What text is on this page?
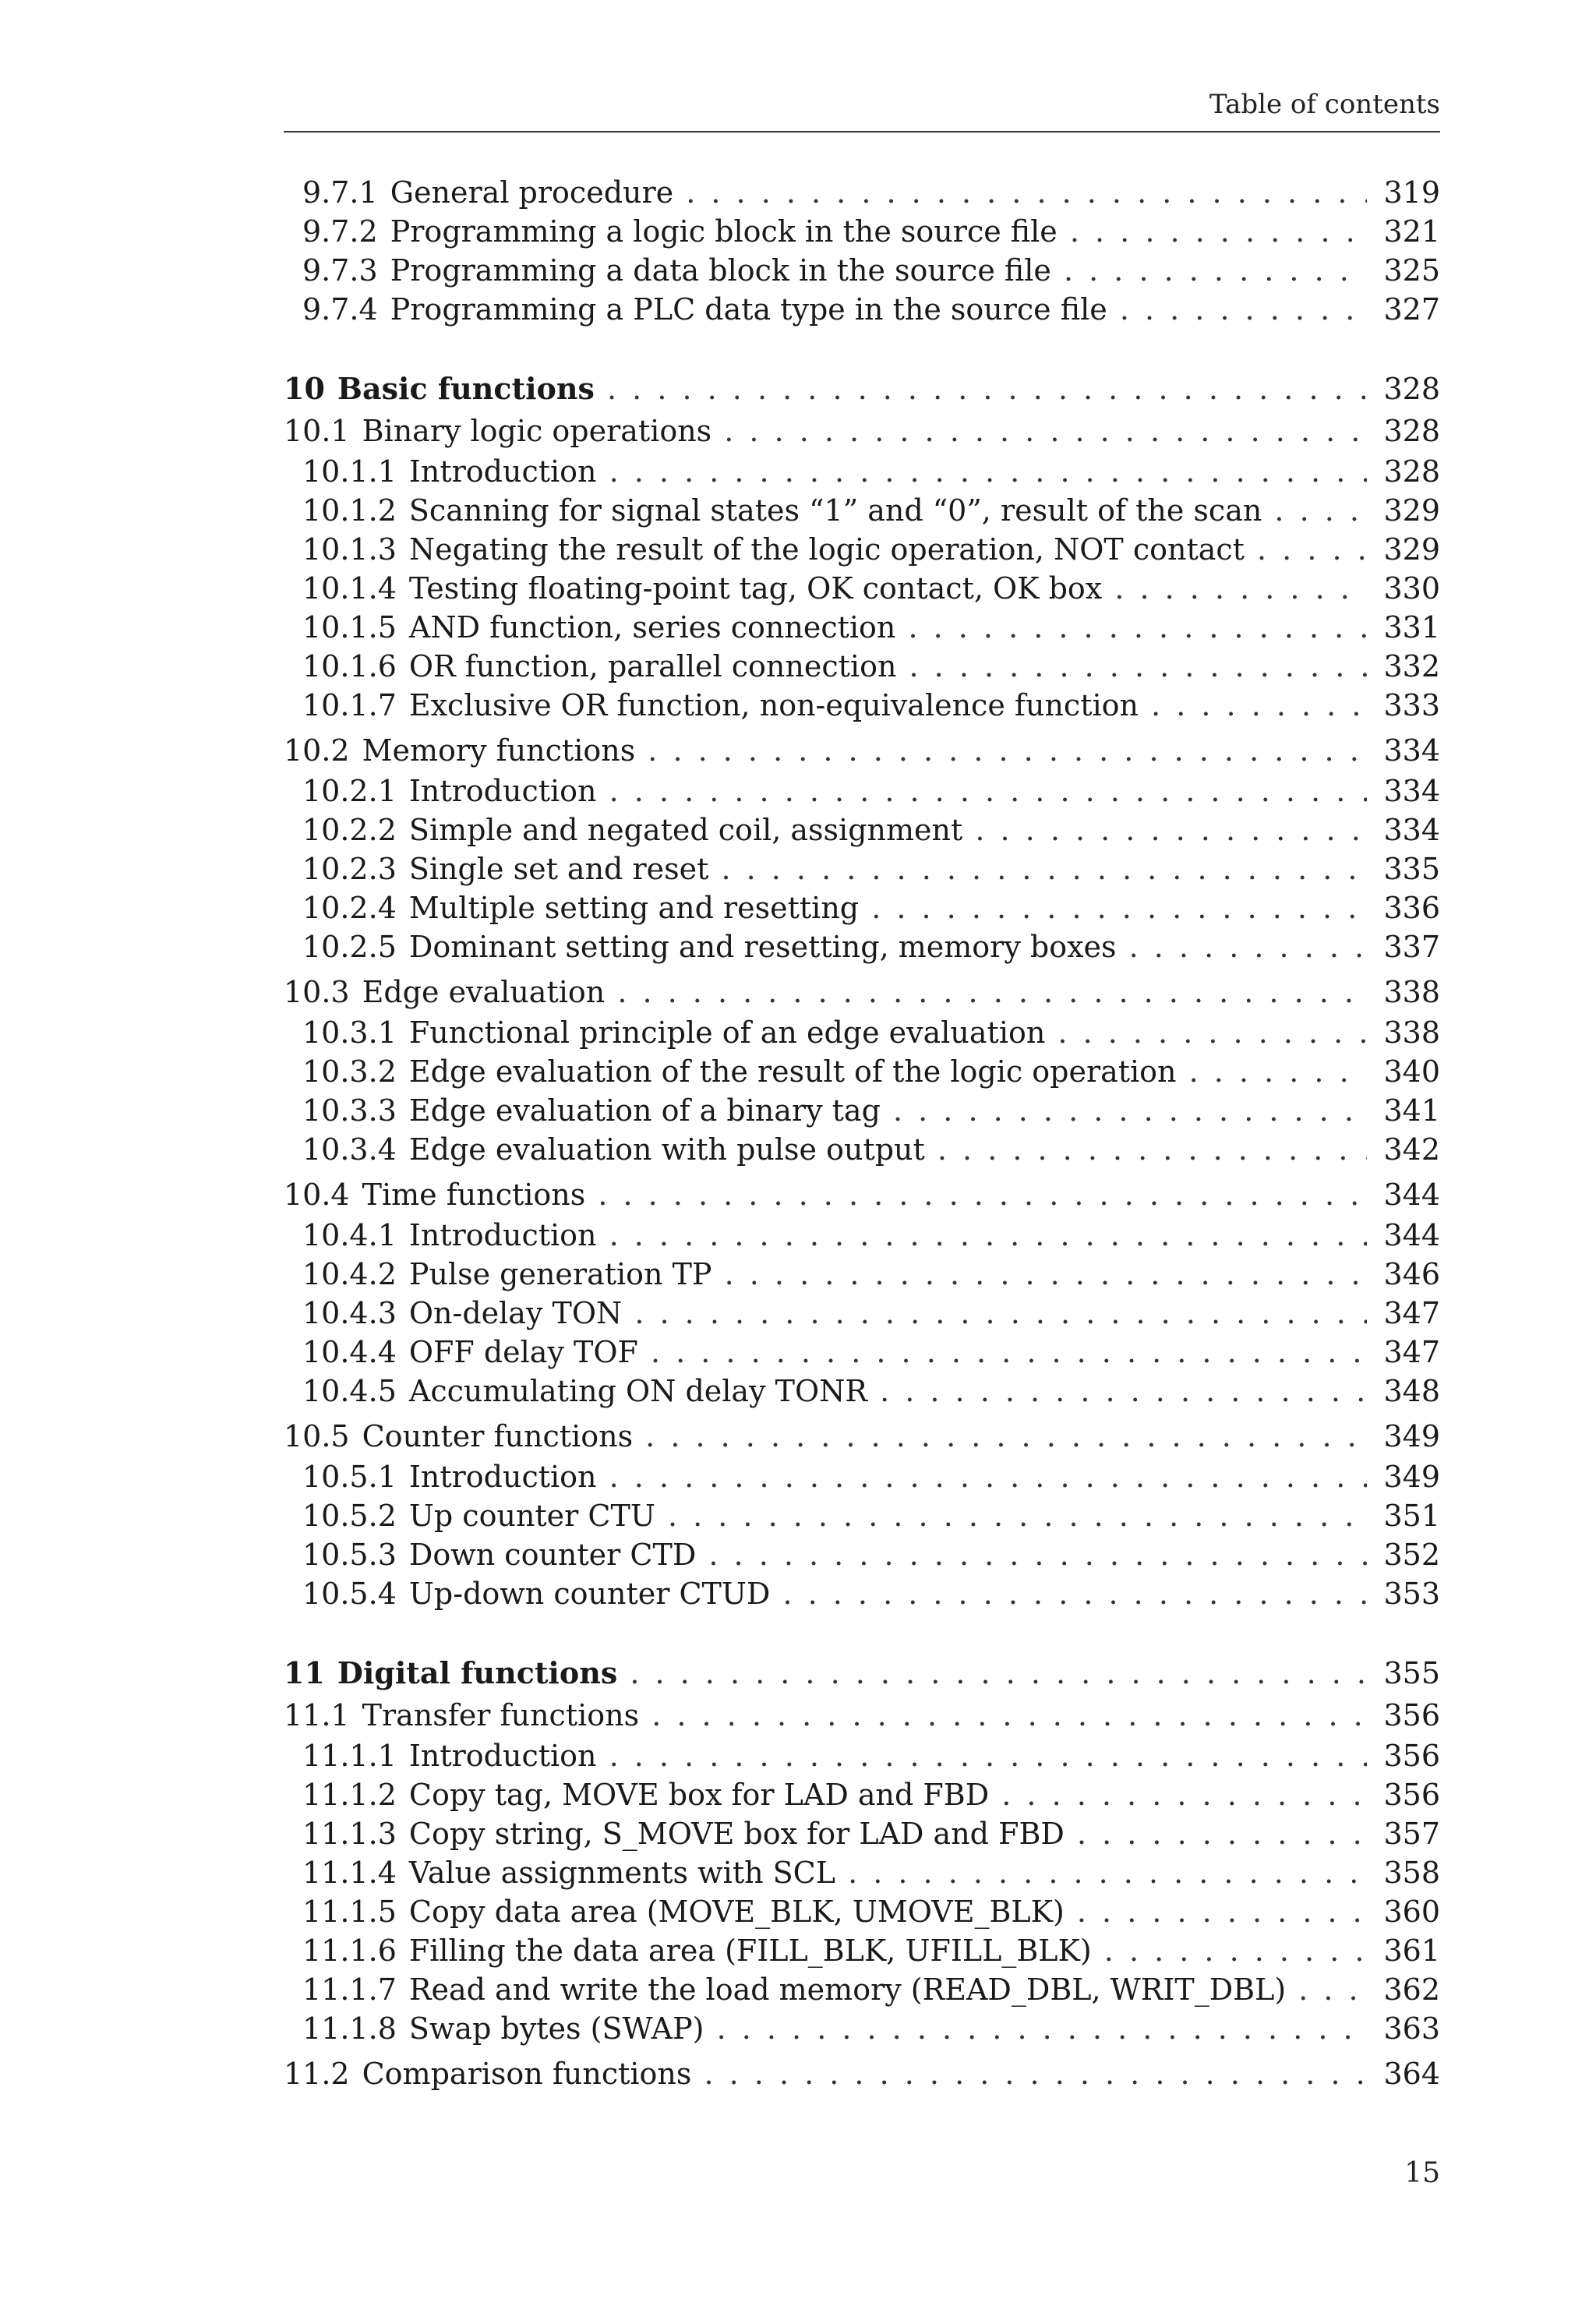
Table of contents
9.7.1 General procedure . . .	319
9.7.2 Programming a logic block in the source file . . .	321
9.7.3 Programming a data block in the source file . . .	325
9.7.4 Programming a PLC data type in the source file . . .	327
10 Basic functions . . .	328
10.1 Binary logic operations . . .	328
10.1.1 Introduction . . .	328
10.1.2 Scanning for signal states “1” and “0”, result of the scan . . .	329
10.1.3 Negating the result of the logic operation, NOT contact . . .	329
10.1.4 Testing floating-point tag, OK contact, OK box . . .	330
10.1.5 AND function, series connection . . .	331
10.1.6 OR function, parallel connection . . .	332
10.1.7 Exclusive OR function, non-equivalence function . . .	333
10.2 Memory functions . . .	334
10.2.1 Introduction . . .	334
10.2.2 Simple and negated coil, assignment . . .	334
10.2.3 Single set and reset . . .	335
10.2.4 Multiple setting and resetting . . .	336
10.2.5 Dominant setting and resetting, memory boxes . . .	337
10.3 Edge evaluation . . .	338
10.3.1 Functional principle of an edge evaluation . . .	338
10.3.2 Edge evaluation of the result of the logic operation . . .	340
10.3.3 Edge evaluation of a binary tag . . .	341
10.3.4 Edge evaluation with pulse output . . .	342
10.4 Time functions . . .	344
10.4.1 Introduction . . .	344
10.4.2 Pulse generation TP . . .	346
10.4.3 On-delay TON . . .	347
10.4.4 OFF delay TOF . . .	347
10.4.5 Accumulating ON delay TONR . . .	348
10.5 Counter functions . . .	349
10.5.1 Introduction . . .	349
10.5.2 Up counter CTU . . .	351
10.5.3 Down counter CTD . . .	352
10.5.4 Up-down counter CTUD . . .	353
11 Digital functions . . .	355
11.1 Transfer functions . . .	356
11.1.1 Introduction . . .	356
11.1.2 Copy tag, MOVE box for LAD and FBD . . .	356
11.1.3 Copy string, S_MOVE box for LAD and FBD . . .	357
11.1.4 Value assignments with SCL . . .	358
11.1.5 Copy data area (MOVE_BLK, UMOVE_BLK) . . .	360
11.1.6 Filling the data area (FILL_BLK, UFILL_BLK) . . .	361
11.1.7 Read and write the load memory (READ_DBL, WRIT_DBL) . . .	362
11.1.8 Swap bytes (SWAP) . . .	363
11.2 Comparison functions . . .	364
15
